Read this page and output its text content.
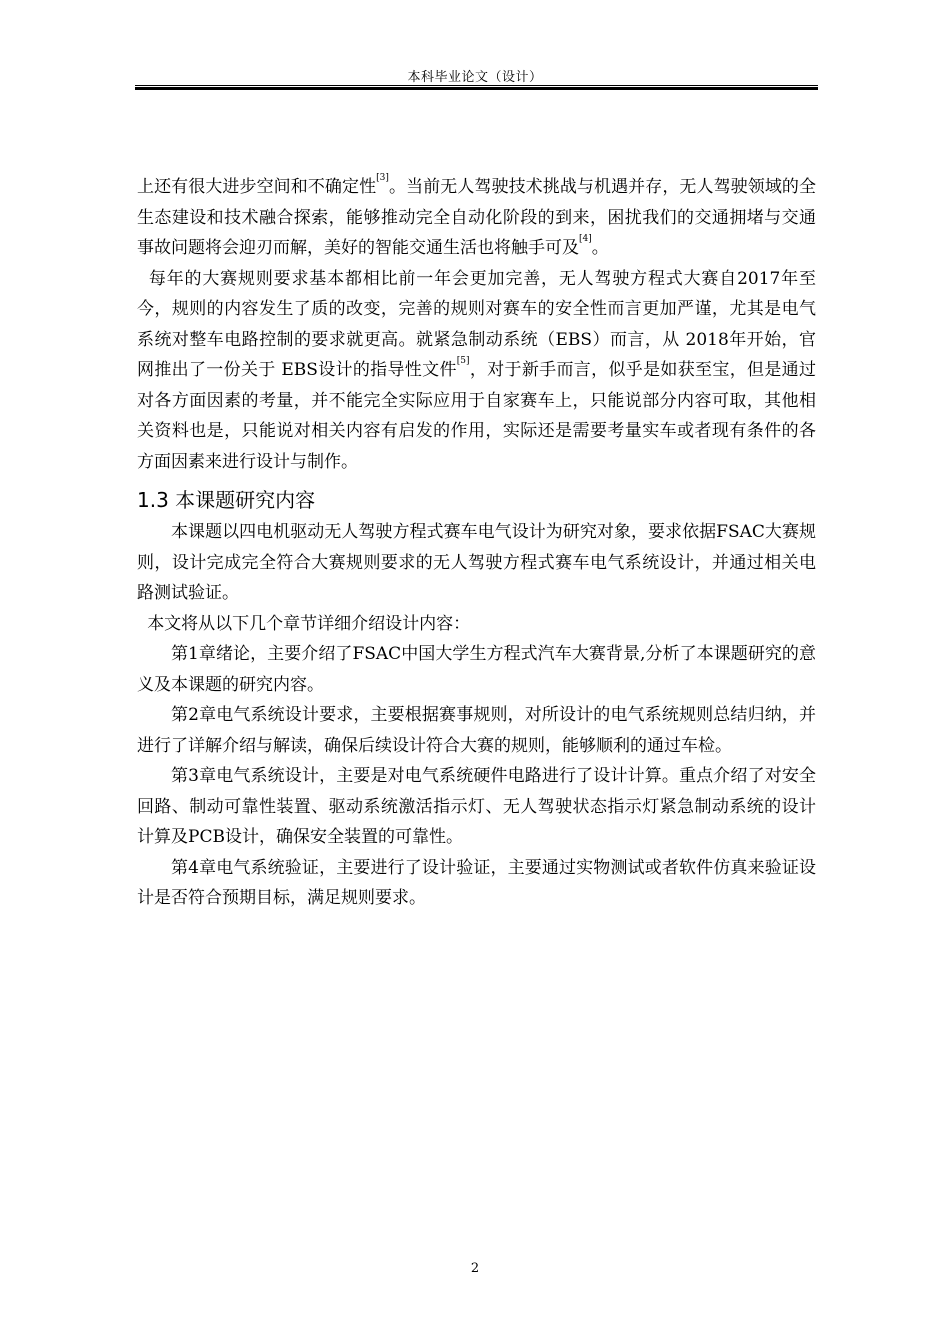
本科毕业论文（设计）

上还有很大进步空间和不确定性[3]。当前无人驾驶技术挑战与机遇并存，无人驾驶领域的全生态建设和技术融合探索，能够推动完全自动化阶段的到来，困扰我们的交通拥堵与交通事故问题将会迎刃而解，美好的智能交通生活也将触手可及[4]。

每年的大赛规则要求基本都相比前一年会更加完善，无人驾驶方程式大赛自2017年至今，规则的内容发生了质的改变，完善的规则对赛车的安全性而言更加严谨，尤其是电气系统对整车电路控制的要求就更高。就紧急制动系统（EBS）而言，从 2018年开始，官网推出了一份关于 EBS设计的指导性文件[5]，对于新手而言，似乎是如获至宝，但是通过对各方面因素的考量，并不能完全实际应用于自家赛车上，只能说部分内容可取，其他相关资料也是，只能说对相关内容有启发的作用，实际还是需要考量实车或者现有条件的各方面因素来进行设计与制作。

1.3 本课题研究内容

本课题以四电机驱动无人驾驶方程式赛车电气设计为研究对象，要求依据FSAC大赛规则，设计完成完全符合大赛规则要求的无人驾驶方程式赛车电气系统设计，并通过相关电路测试验证。

本文将从以下几个章节详细介绍设计内容：

第1章绪论，主要介绍了FSAC中国大学生方程式汽车大赛背景,分析了本课题研究的意义及本课题的研究内容。

第2章电气系统设计要求，主要根据赛事规则，对所设计的电气系统规则总结归纳，并进行了详解介绍与解读，确保后续设计符合大赛的规则，能够顺利的通过车检。

第3章电气系统设计，主要是对电气系统硬件电路进行了设计计算。重点介绍了对安全回路、制动可靠性装置、驱动系统激活指示灯、无人驾驶状态指示灯紧急制动系统的设计计算及PCB设计，确保安全装置的可靠性。

第4章电气系统验证，主要进行了设计验证，主要通过实物测试或者软件仿真来验证设计是否符合预期目标，满足规则要求。

2
